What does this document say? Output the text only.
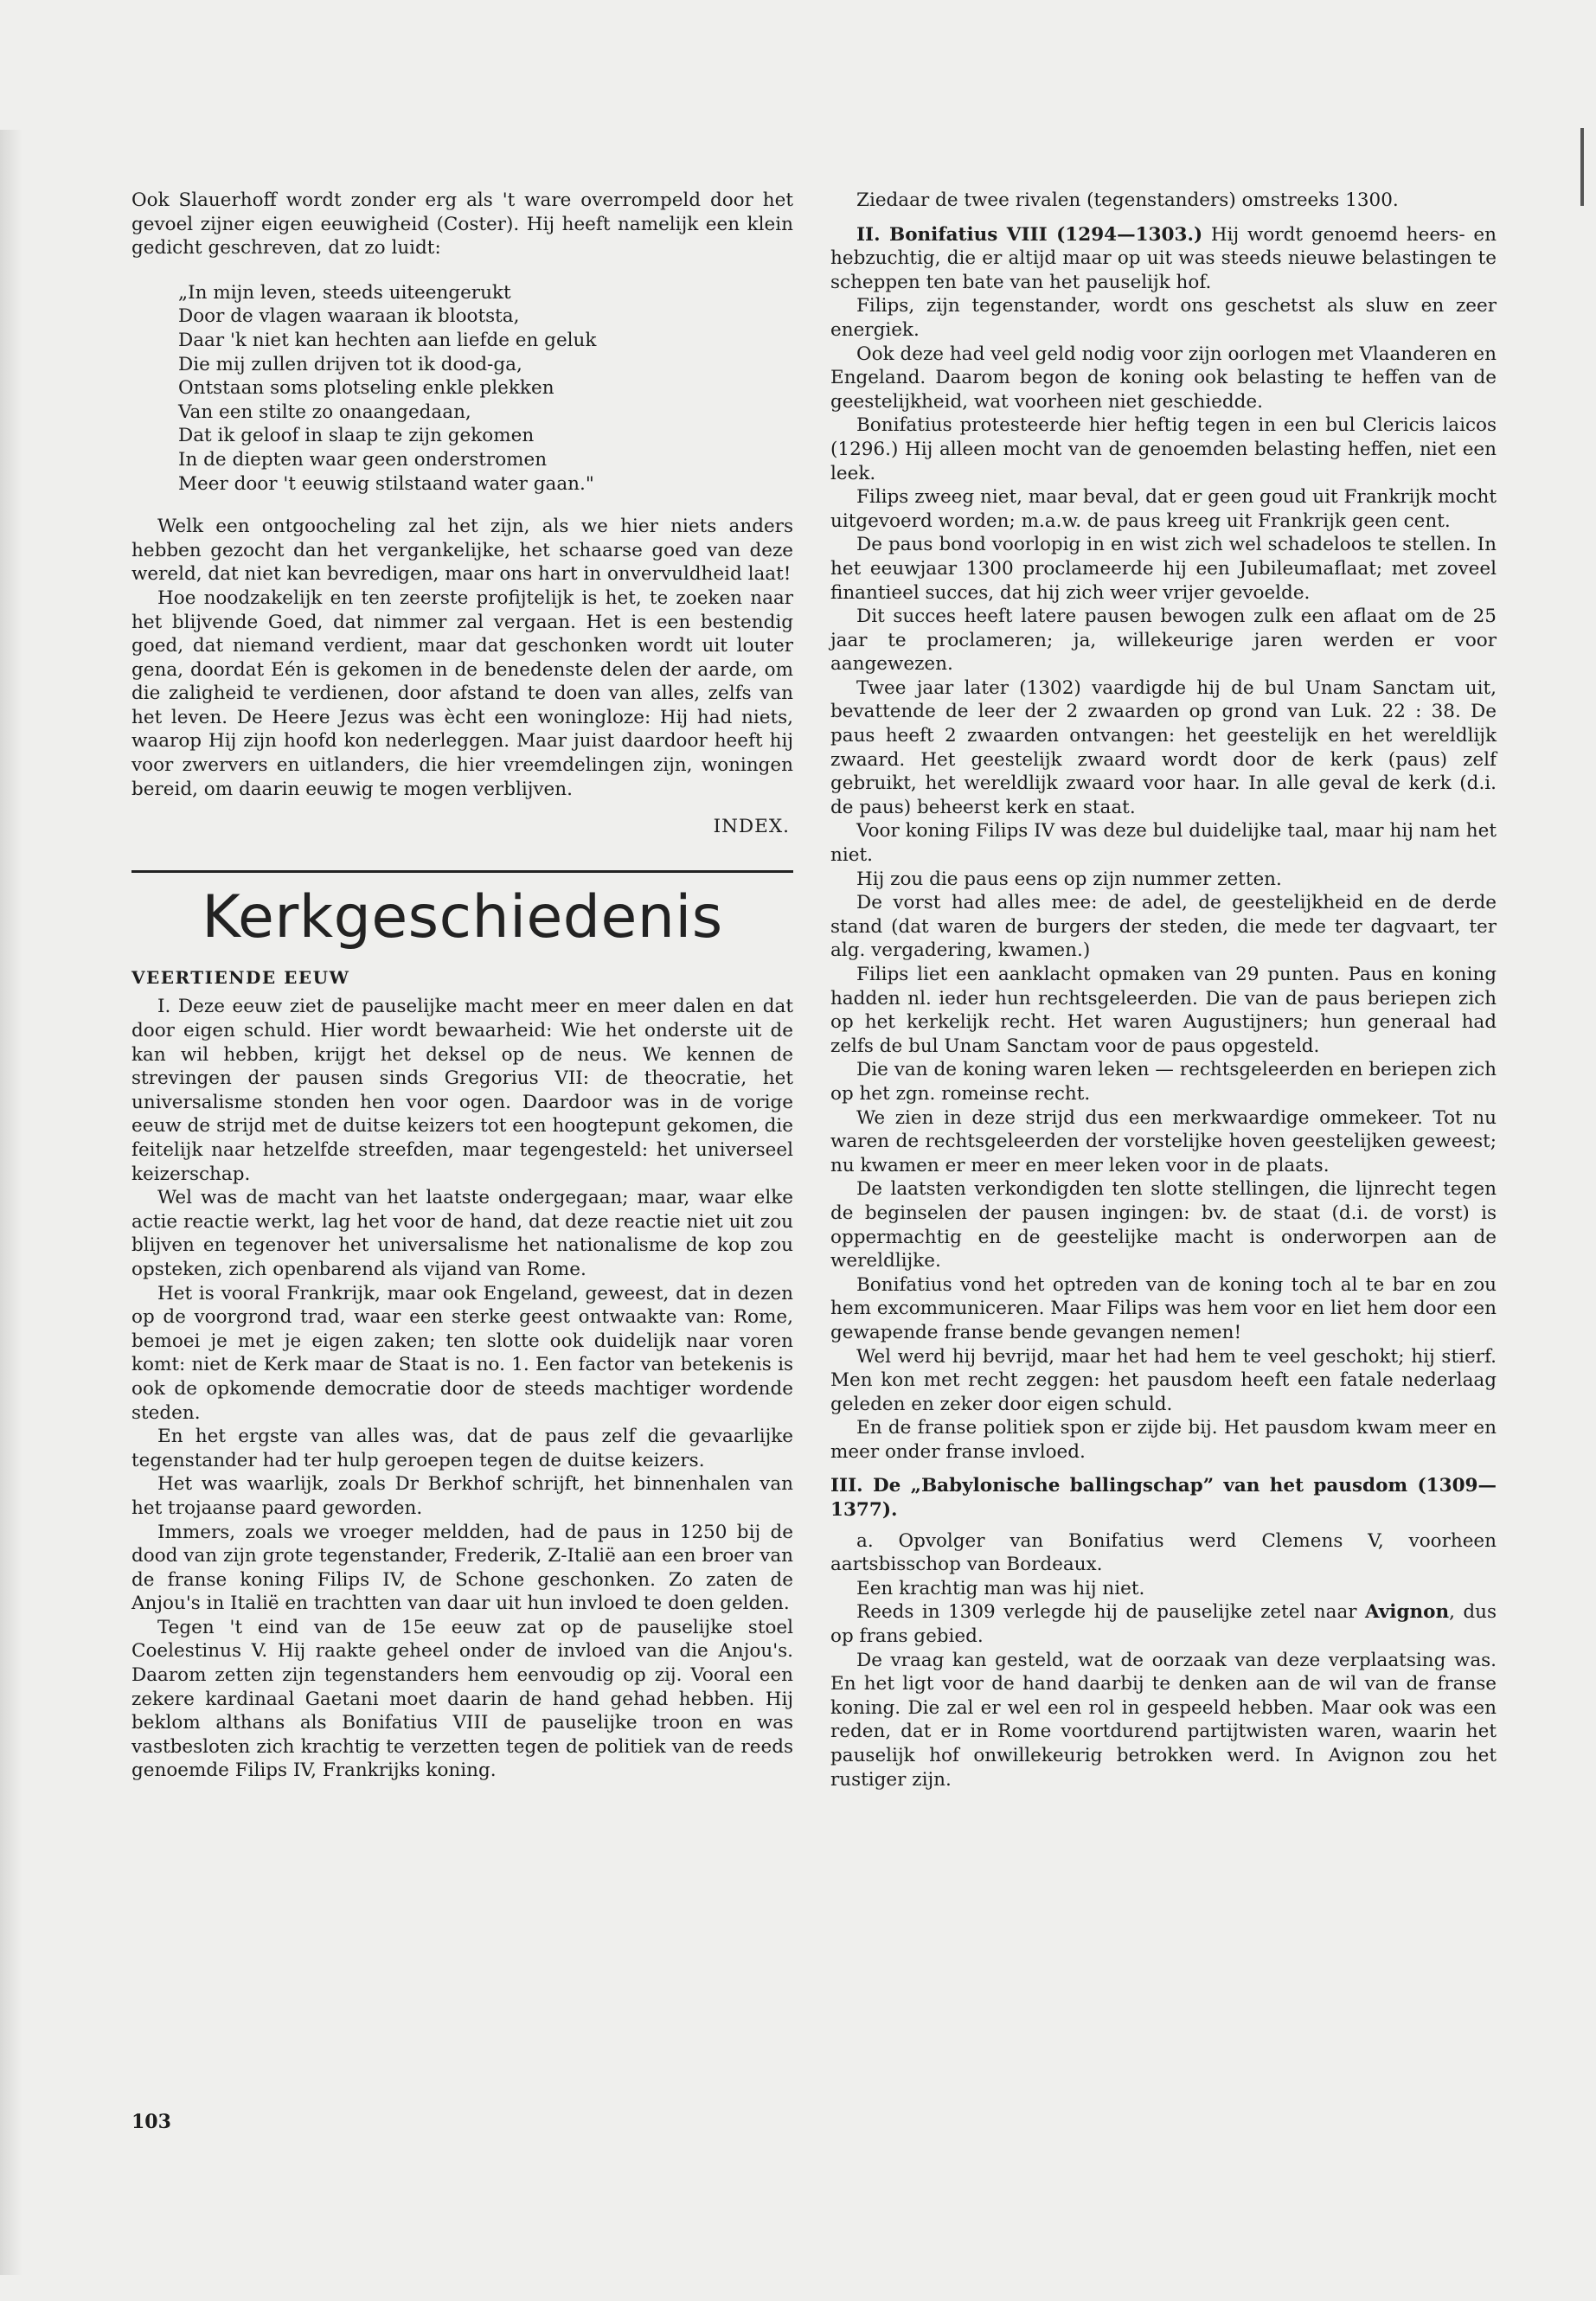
Ook Slauerhoff wordt zonder erg als 't ware overrompeld door het gevoel zijner eigen eeuwigheid (Coster). Hij heeft namelijk een klein gedicht geschreven, dat zo luidt:

„In mijn leven, steeds uiteengerukt
Door de vlagen waaraan ik blootsta,
Daar 'k niet kan hechten aan liefde en geluk
Die mij zullen drijven tot ik dood-ga,
Ontstaan soms plotseling enkle plekken
Van een stilte zo onaangedaan,
Dat ik geloof in slaap te zijn gekomen
In de diepten waar geen onderstromen
Meer door 't eeuwig stilstaand water gaan."

Welk een ontgoocheling zal het zijn, als we hier niets anders hebben gezocht dan het vergankelijke, het schaarse goed van deze wereld, dat niet kan bevredigen, maar ons hart in onvervuldheid laat!

Hoe noodzakelijk en ten zeerste profijtelijk is het, te zoeken naar het blijvende Goed, dat nimmer zal vergaan. Het is een bestendig goed, dat niemand verdient, maar dat geschonken wordt uit louter gena, doordat Eén is gekomen in de benedenste delen der aarde, om die zaligheid te verdienen, door afstand te doen van alles, zelfs van het leven. De Heere Jezus was ècht een woningloze: Hij had niets, waarop Hij zijn hoofd kon nederleggen. Maar juist daardoor heeft hij voor zwervers en uitlanders, die hier vreemdelingen zijn, woningen bereid, om daarin eeuwig te mogen verblijven.

INDEX.
Kerkgeschiedenis

VEERTIENDE EEUW

I. Deze eeuw ziet de pauselijke macht meer en meer dalen en dat door eigen schuld. Hier wordt bewaarheid: Wie het onderste uit de kan wil hebben, krijgt het deksel op de neus. We kennen de strevingen der pausen sinds Gregorius VII: de theocratie, het universalisme stonden hen voor ogen. Daardoor was in de vorige eeuw de strijd met de duitse keizers tot een hoogtepunt gekomen, die feitelijk naar hetzelfde streefden, maar tegengesteld: het universeel keizerschap.

Wel was de macht van het laatste ondergegaan; maar, waar elke actie reactie werkt, lag het voor de hand, dat deze reactie niet uit zou blijven en tegenover het universalisme het nationalisme de kop zou opsteken, zich openbarend als vijand van Rome.

Het is vooral Frankrijk, maar ook Engeland, geweest, dat in dezen op de voorgrond trad, waar een sterke geest ontwaakte van: Rome, bemoei je met je eigen zaken; ten slotte ook duidelijk naar voren komt: niet de Kerk maar de Staat is no. 1. Een factor van betekenis is ook de opkomende democratie door de steeds machtiger wordende steden.

En het ergste van alles was, dat de paus zelf die gevaarlijke tegenstander had ter hulp geroepen tegen de duitse keizers.

Het was waarlijk, zoals Dr Berkhof schrijft, het binnenhalen van het trojaanse paard geworden.

Immers, zoals we vroeger meldden, had de paus in 1250 bij de dood van zijn grote tegenstander, Frederik, Z-Italië aan een broer van de franse koning Filips IV, de Schone geschonken. Zo zaten de Anjou's in Italië en trachtten van daar uit hun invloed te doen gelden.

Tegen 't eind van de 15e eeuw zat op de pauselijke stoel Coelestinus V. Hij raakte geheel onder de invloed van die Anjou's. Daarom zetten zijn tegenstanders hem eenvoudig op zij. Vooral een zekere kardinaal Gaetani moet daarin de hand gehad hebben. Hij beklom althans als Bonifatius VIII de pauselijke troon en was vastbesloten zich krachtig te verzetten tegen de politiek van de reeds genoemde Filips IV, Frankrijks koning.

Ziedaar de twee rivalen (tegenstanders) omstreeks 1300.

II. Bonifatius VIII (1294—1303.) Hij wordt genoemd heers- en hebzuchtig, die er altijd maar op uit was steeds nieuwe belastingen te scheppen ten bate van het pauselijk hof.

Filips, zijn tegenstander, wordt ons geschetst als sluw en zeer energiek.

Ook deze had veel geld nodig voor zijn oorlogen met Vlaanderen en Engeland. Daarom begon de koning ook belasting te heffen van de geestelijkheid, wat voorheen niet geschiedde.

Bonifatius protesteerde hier heftig tegen in een bul Clericis laicos (1296.) Hij alleen mocht van de genoemden belasting heffen, niet een leek.

Filips zweeg niet, maar beval, dat er geen goud uit Frankrijk mocht uitgevoerd worden; m.a.w. de paus kreeg uit Frankrijk geen cent.

De paus bond voorlopig in en wist zich wel schadeloos te stellen. In het eeuwjaar 1300 proclameerde hij een Jubileumaflaat; met zoveel finantieel succes, dat hij zich weer vrijer gevoelde.

Dit succes heeft latere pausen bewogen zulk een aflaat om de 25 jaar te proclameren; ja, willekeurige jaren werden er voor aangewezen.

Twee jaar later (1302) vaardigde hij de bul Unam Sanctam uit, bevattende de leer der 2 zwaarden op grond van Luk. 22 : 38. De paus heeft 2 zwaarden ontvangen: het geestelijk en het wereldlijk zwaard. Het geestelijk zwaard wordt door de kerk (paus) zelf gebruikt, het wereldlijk zwaard voor haar. In alle geval de kerk (d.i. de paus) beheerst kerk en staat.

Voor koning Filips IV was deze bul duidelijke taal, maar hij nam het niet.

Hij zou die paus eens op zijn nummer zetten.

De vorst had alles mee: de adel, de geestelijkheid en de derde stand (dat waren de burgers der steden, die mede ter dagvaart, ter alg. vergadering, kwamen.)

Filips liet een aanklacht opmaken van 29 punten. Paus en koning hadden nl. ieder hun rechtsgeleerden. Die van de paus beriepen zich op het kerkelijk recht. Het waren Augustijners; hun generaal had zelfs de bul Unam Sanctam voor de paus opgesteld.

Die van de koning waren leken — rechtsgeleerden en beriepen zich op het zgn. romeinse recht.

We zien in deze strijd dus een merkwaardige ommekeer. Tot nu waren de rechtsgeleerden der vorstelijke hoven geestelijken geweest; nu kwamen er meer en meer leken voor in de plaats.

De laatsten verkondigden ten slotte stellingen, die lijnrecht tegen de beginselen der pausen ingingen: bv. de staat (d.i. de vorst) is oppermachtig en de geestelijke macht is onderworpen aan de wereldlijke.

Bonifatius vond het optreden van de koning toch al te bar en zou hem excommuniceren. Maar Filips was hem voor en liet hem door een gewapende franse bende gevangen nemen!

Wel werd hij bevrijd, maar het had hem te veel geschokt; hij stierf. Men kon met recht zeggen: het pausdom heeft een fatale nederlaag geleden en zeker door eigen schuld.

En de franse politiek spon er zijde bij. Het pausdom kwam meer en meer onder franse invloed.

III. De „Babylonische ballingschap” van het pausdom (1309—1377).

a. Opvolger van Bonifatius werd Clemens V, voorheen aartsbisschop van Bordeaux.

Een krachtig man was hij niet.

Reeds in 1309 verlegde hij de pauselijke zetel naar Avignon, dus op frans gebied.

De vraag kan gesteld, wat de oorzaak van deze verplaatsing was. En het ligt voor de hand daarbij te denken aan de wil van de franse koning. Die zal er wel een rol in gespeeld hebben. Maar ook was een reden, dat er in Rome voortdurend partijtwisten waren, waarin het pauselijk hof onwillekeurig betrokken werd. In Avignon zou het rustiger zijn.

103
